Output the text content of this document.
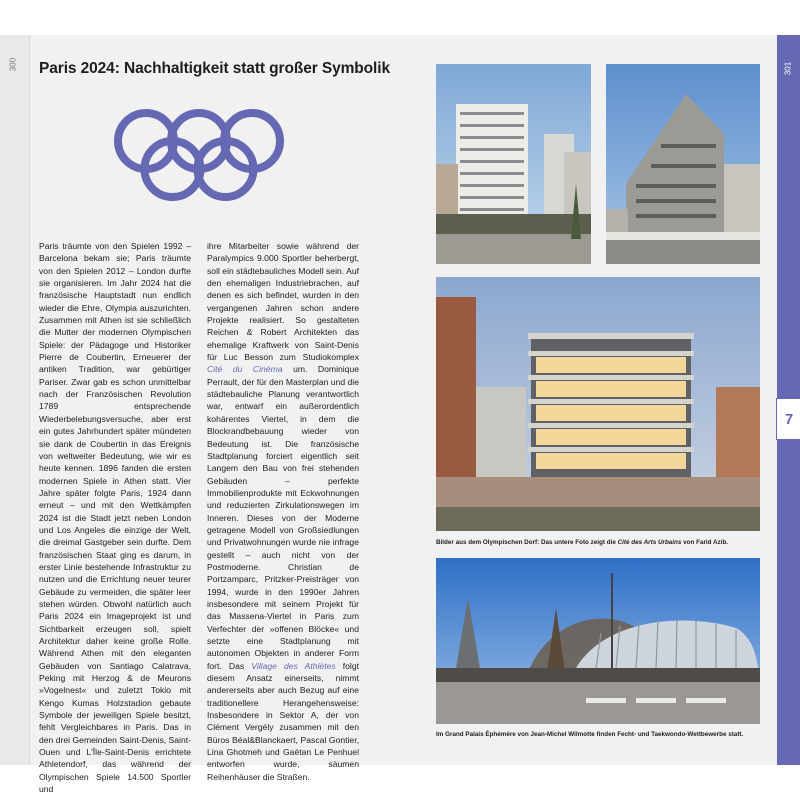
300	301
7
Paris 2024: Nachhaltigkeit statt großer Symbolik

Paris träumte von den Spielen 1992 – Barcelona bekam sie; Paris träumte von den Spielen 2012 – London durfte sie organisieren. Im Jahr 2024 hat die französische Hauptstadt nun endlich wieder die Ehre, Olympia auszurichten. Zusammen mit Athen ist sie schließlich die Mutter der modernen Olympischen Spiele: der Pädagoge und Historiker Pierre de Coubertin, Erneuerer der antiken Tradition, war gebürtiger Pariser. Zwar gab es schon unmittelbar nach der Französischen Revolution 1789 entsprechende Wiederbelebungsversuche, aber erst ein gutes Jahrhundert später mündeten sie dank de Coubertin in das Ereignis von weltweiter Bedeutung, wie wir es heute kennen. 1896 fanden die ersten modernen Spiele in Athen statt. Vier Jahre später folgte Paris, 1924 dann erneut – und mit den Wettkämpfen 2024 ist die Stadt jetzt neben London und Los Angeles die einzige der Welt, die dreimal Gastgeber sein durfte. Dem französischen Staat ging es darum, in erster Linie bestehende Infrastruktur zu nutzen und die Errichtung neuer teurer Gebäude zu vermeiden, die später leer stehen würden. Obwohl natürlich auch Paris 2024 ein Imageprojekt ist und Sichtbarkeit erzeugen soll, spielt Architektur daher keine große Rolle. Während Athen mit den eleganten Gebäuden von Santiago Calatrava, Peking mit Herzog & de Meurons »Vogelnest« und zuletzt Tokio mit Kengo Kumas Holzstadion gebaute Symbole der jeweiligen Spiele besitzt, fehlt Vergleichbares in Paris. Das in den drei Gemeinden Saint-Denis, Saint-Ouen und L'Île-Saint-Denis errichtete Athletendorf, das während der Olympischen Spiele 14.500 Sportler und

ihre Mitarbeiter sowie während der Paralympics 9.000 Sportler beherbergt, soll ein städtebauliches Modell sein. Auf den ehemaligen Industriebrachen, auf denen es sich befindet, wurden in den vergangenen Jahren schon andere Projekte realisiert. So gestalteten Reichen & Robert Architekten das ehemalige Kraftwerk von Saint-Denis für Luc Besson zum Studiokomplex Cité du Cinéma um. Dominique Perrault, der für den Masterplan und die städtebauliche Planung verantwortlich war, entwarf ein außerordentlich kohärentes Viertel, in dem die Blockrandbebauung wieder von Bedeutung ist. Die französische Stadtplanung forciert eigentlich seit Langem den Bau von frei stehenden Gebäuden – perfekte Immobilienprodukte mit Eckwohnungen und reduzierten Zirkulationswegen im Inneren. Dieses von der Moderne getragene Modell von Großsiedlungen und Privatwohnungen wurde nie infrage gestellt – auch nicht von der Postmoderne. Christian de Portzamparc, Pritzker-Preisträger von 1994, wurde in den 1990er Jahren insbesondere mit seinem Projekt für das Massena-Viertel in Paris zum Verfechter der »offenen Blöcke« und setzte eine Stadtplanung mit autonomen Objekten in anderer Form fort. Das Village des Athlètes folgt diesem Ansatz einerseits, nimmt andererseits aber auch Bezug auf eine traditionellere Herangehensweise: Insbesondere in Sektor A, der von Clément Vergély zusammen mit den Büros Béal&Blanckaert, Pascal Gontier, Lina Ghotmeh und Gaëtan Le Penhuel entworfen wurde, säumen Reihenhäuser die Straßen.

Bilder aus dem Olympischen Dorf: Das untere Foto zeigt die Cité des Arts Urbains von Farid Azib.
Im Grand Palais Éphémère von Jean-Michel Wilmotte finden Fecht- und Taekwondo-Wettbewerbe statt.
